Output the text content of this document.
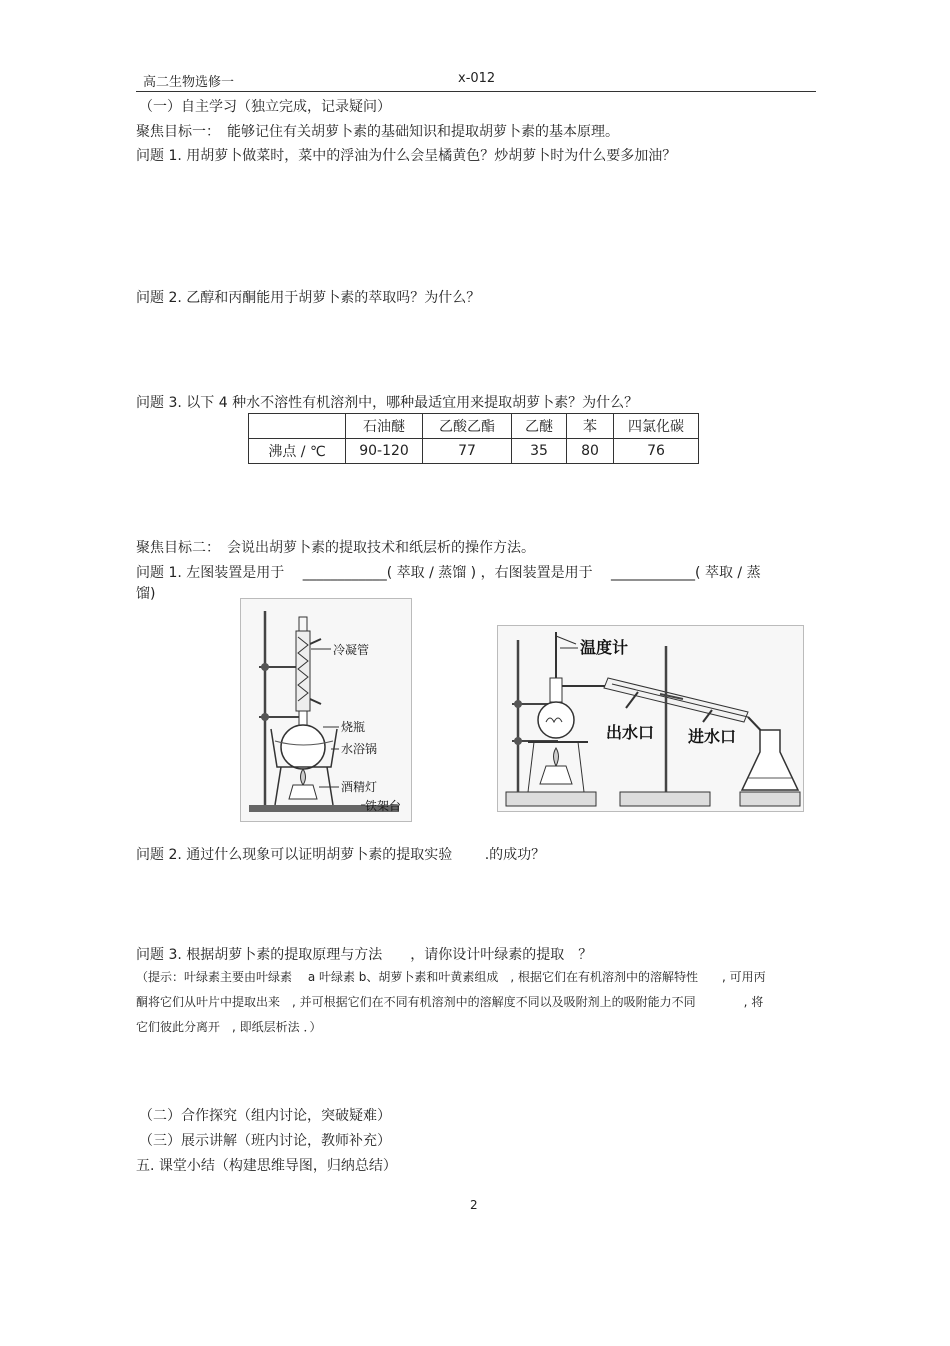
高二生物选修一	x-012
（一）自主学习（独立完成，记录疑问）
聚焦目标一：　能够记住有关胡萝卜素的基础知识和提取胡萝卜素的基本原理。
问题 1. 用胡萝卜做菜时，菜中的浮油为什么会呈橘黄色？炒胡萝卜时为什么要多加油？
问题 2. 乙醇和丙酮能用于胡萝卜素的萃取吗？为什么？
问题 3. 以下 4 种水不溶性有机溶剂中，哪种最适宜用来提取胡萝卜素？为什么？
	石油醚	乙酸乙酯	乙醚	苯	四氯化碳
沸点 / ℃	90-120	77	35	80	76
聚焦目标二：　会说出胡萝卜素的提取技术和纸层析的操作方法。
问题 1. 左图装置是用于　 ____________( 萃取 / 蒸馏 ) ，右图装置是用于　 ____________( 萃取 / 蒸
馏)
冷凝管
烧瓶
水浴锅
酒精灯
铁架台
温度计
出水口 进水口
问题 2. 通过什么现象可以证明胡萝卜素的提取实验　　 .的成功？
问题 3. 根据胡萝卜素的提取原理与方法　　，请你设计叶绿素的提取　？
（提示：叶绿素主要由叶绿素　 a 叶绿素 b、胡萝卜素和叶黄素组成　, 根据它们在有机溶剂中的溶解特性　　, 可用丙
酮将它们从叶片中提取出来　, 并可根据它们在不同有机溶剂中的溶解度不同以及吸附剂上的吸附能力不同　　　　, 将
它们彼此分离开　, 即纸层析法 ．）
（二）合作探究（组内讨论，突破疑难）
（三）展示讲解（班内讨论，教师补充）
五. 课堂小结（构建思维导图，归纳总结）
2
